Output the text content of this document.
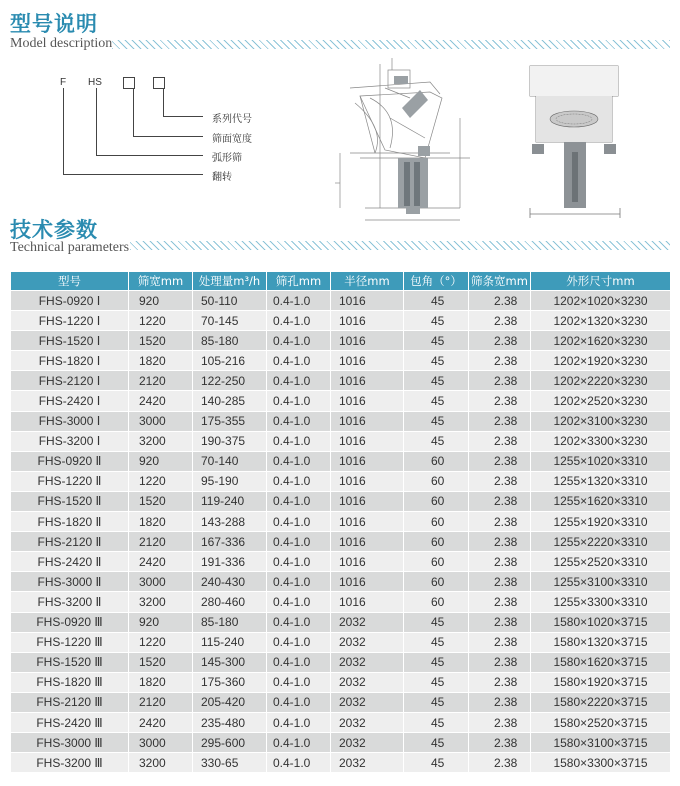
型号说明
Model description
F HS
系列代号
筛面宽度
弧形筛
翻转
技术参数
Technical parameters
型号	筛宽mm	处理量m³/h	筛孔mm	半径mm	包角（°）	筛条宽mm	外形尺寸mm
FHS-0920 Ⅰ	920	50-110	0.4-1.0	1016	45	2.38	1202×1020×3230
FHS-1220 Ⅰ	1220	70-145	0.4-1.0	1016	45	2.38	1202×1320×3230
FHS-1520 Ⅰ	1520	85-180	0.4-1.0	1016	45	2.38	1202×1620×3230
FHS-1820 Ⅰ	1820	105-216	0.4-1.0	1016	45	2.38	1202×1920×3230
FHS-2120 Ⅰ	2120	122-250	0.4-1.0	1016	45	2.38	1202×2220×3230
FHS-2420 Ⅰ	2420	140-285	0.4-1.0	1016	45	2.38	1202×2520×3230
FHS-3000 Ⅰ	3000	175-355	0.4-1.0	1016	45	2.38	1202×3100×3230
FHS-3200 Ⅰ	3200	190-375	0.4-1.0	1016	45	2.38	1202×3300×3230
FHS-0920 Ⅱ	920	70-140	0.4-1.0	1016	60	2.38	1255×1020×3310
FHS-1220 Ⅱ	1220	95-190	0.4-1.0	1016	60	2.38	1255×1320×3310
FHS-1520 Ⅱ	1520	119-240	0.4-1.0	1016	60	2.38	1255×1620×3310
FHS-1820 Ⅱ	1820	143-288	0.4-1.0	1016	60	2.38	1255×1920×3310
FHS-2120 Ⅱ	2120	167-336	0.4-1.0	1016	60	2.38	1255×2220×3310
FHS-2420 Ⅱ	2420	191-336	0.4-1.0	1016	60	2.38	1255×2520×3310
FHS-3000 Ⅱ	3000	240-430	0.4-1.0	1016	60	2.38	1255×3100×3310
FHS-3200 Ⅱ	3200	280-460	0.4-1.0	1016	60	2.38	1255×3300×3310
FHS-0920 Ⅲ	920	85-180	0.4-1.0	2032	45	2.38	1580×1020×3715
FHS-1220 Ⅲ	1220	115-240	0.4-1.0	2032	45	2.38	1580×1320×3715
FHS-1520 Ⅲ	1520	145-300	0.4-1.0	2032	45	2.38	1580×1620×3715
FHS-1820 Ⅲ	1820	175-360	0.4-1.0	2032	45	2.38	1580×1920×3715
FHS-2120 Ⅲ	2120	205-420	0.4-1.0	2032	45	2.38	1580×2220×3715
FHS-2420 Ⅲ	2420	235-480	0.4-1.0	2032	45	2.38	1580×2520×3715
FHS-3000 Ⅲ	3000	295-600	0.4-1.0	2032	45	2.38	1580×3100×3715
FHS-3200 Ⅲ	3200	330-65	0.4-1.0	2032	45	2.38	1580×3300×3715
